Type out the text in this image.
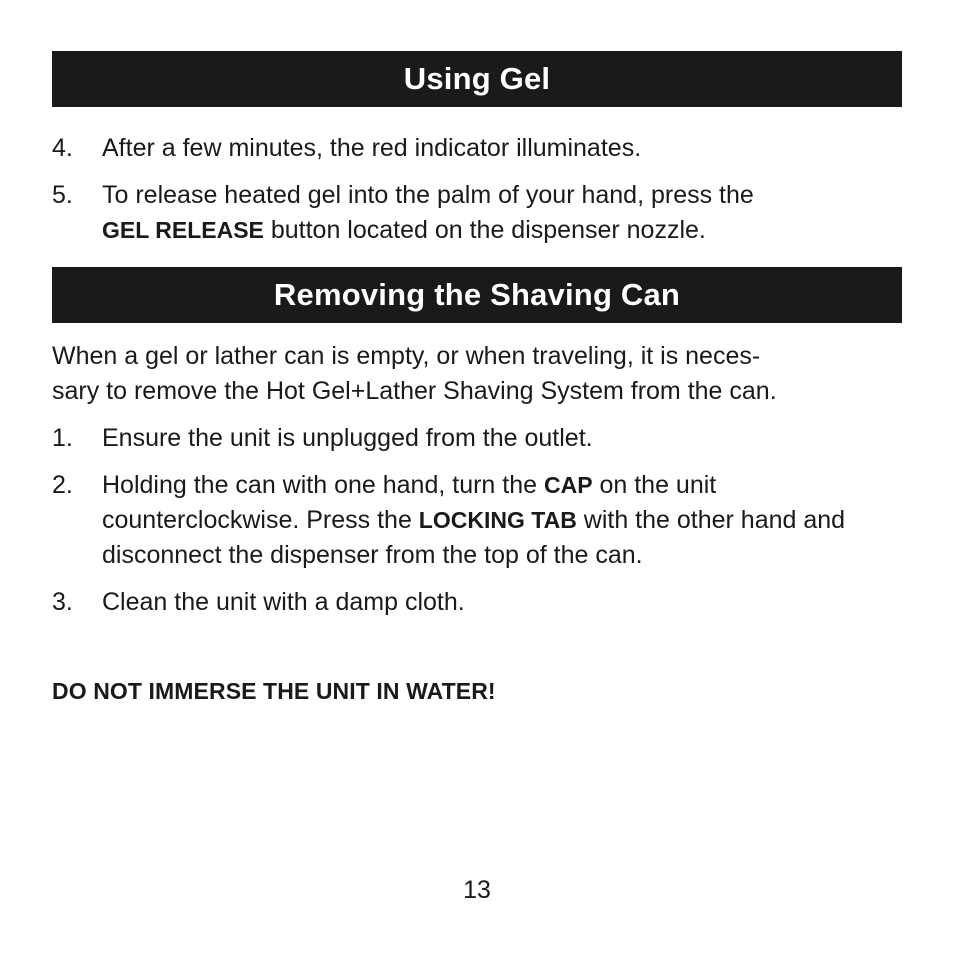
Using Gel
4.	After a few minutes, the red indicator illuminates.
5.	To release heated gel into the palm of your hand, press the
GEL RELEASE button located on the dispenser nozzle.
Removing the Shaving Can
When a gel or lather can is empty, or when traveling, it is neces-
sary to remove the Hot Gel+Lather Shaving System from the can.
1.	Ensure the unit is unplugged from the outlet.
2.	Holding the can with one hand, turn the CAP on the unit counterclockwise. Press the LOCKING TAB with the other hand and disconnect the dispenser from the top of the can.
3.	Clean the unit with a damp cloth.
DO NOT IMMERSE THE UNIT IN WATER!
13
